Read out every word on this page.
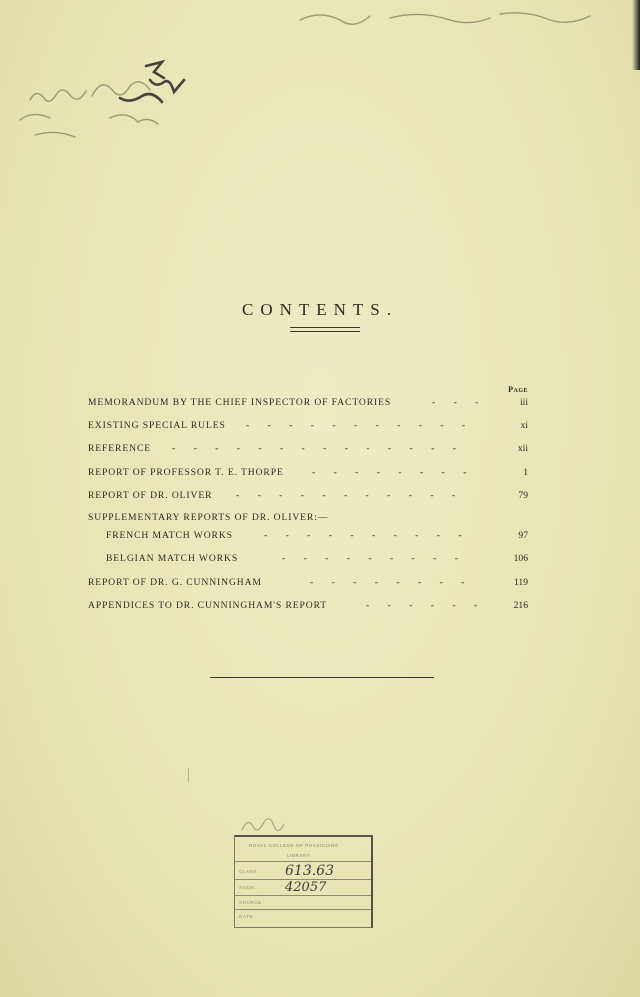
CONTENTS.
Page
MEMORANDUM BY THE CHIEF INSPECTOR OF FACTORIES	- - -	iii
EXISTING SPECIAL RULES - - - - - - - - - - -	xi
REFERENCE - - - - - - - - - - - - - -	xii
REPORT OF PROFESSOR T. E. THORPE	- - - - - - - -	1
REPORT OF DR. OLIVER - - - - - - - - - - -	79
SUPPLEMENTARY REPORTS OF DR. OLIVER:—
FRENCH MATCH WORKS	- - - - - - - - - -	97
BELGIAN MATCH WORKS	- - - - - - - - -	106
REPORT OF DR. G. CUNNINGHAM	- - - - - - - -	119
APPENDICES TO DR. CUNNINGHAM'S REPORT	- - - - - -	216
ROYAL COLLEGE OF PHYSICIANS
LIBRARY
CLASS 613.63
ACCN. 42057
SOURCE
DATE
